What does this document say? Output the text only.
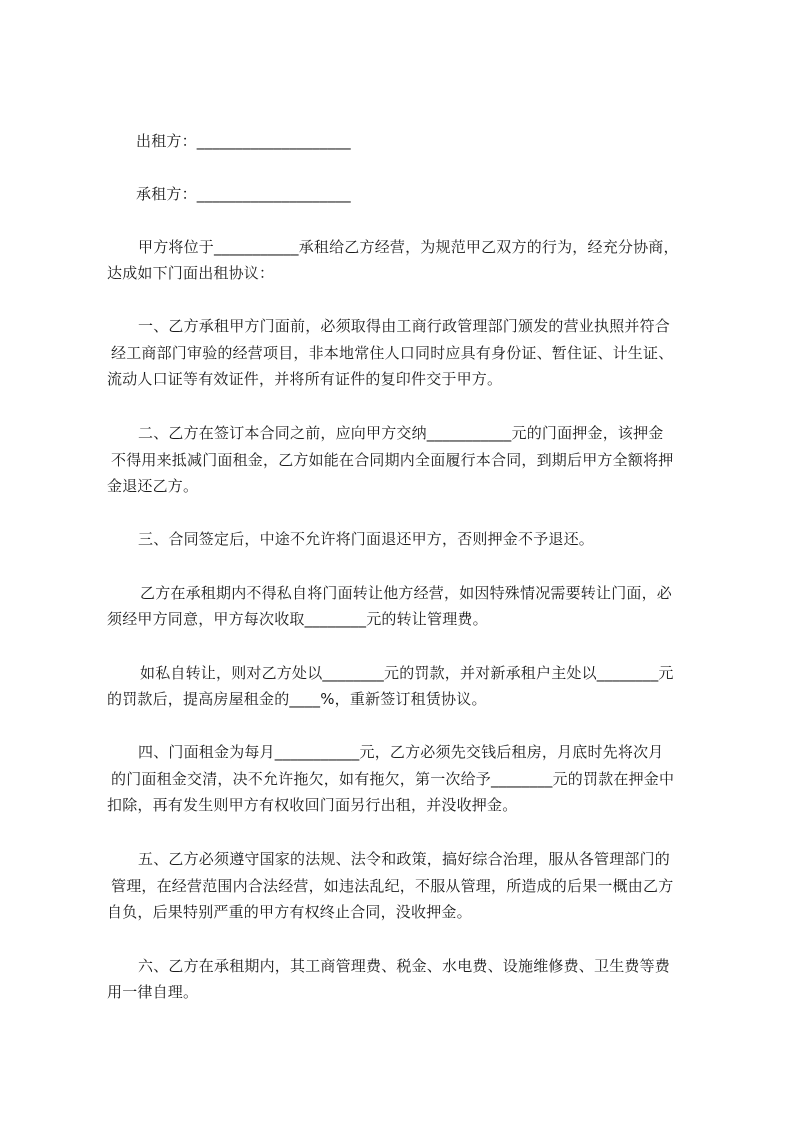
出租方：____________________
承租方：____________________
甲方将位于___________承租给乙方经营，为规范甲乙双方的行为，经充分协商，
达成如下门面出租协议：
一、乙方承租甲方门面前，必须取得由工商行政管理部门颁发的营业执照并符合
经工商部门审验的经营项目，非本地常住人口同时应具有身份证、暂住证、计生证、
流动人口证等有效证件，并将所有证件的复印件交于甲方。
二、乙方在签订本合同之前，应向甲方交纳___________元的门面押金，该押金
不得用来抵减门面租金，乙方如能在合同期内全面履行本合同，到期后甲方全额将押
金退还乙方。
三、合同签定后，中途不允许将门面退还甲方，否则押金不予退还。
乙方在承租期内不得私自将门面转让他方经营，如因特殊情况需要转让门面，必
须经甲方同意，甲方每次收取________元的转让管理费。
如私自转让，则对乙方处以________元的罚款，并对新承租户主处以________元
的罚款后，提高房屋租金的____%，重新签订租赁协议。
四、门面租金为每月___________元，乙方必须先交钱后租房，月底时先将次月
的门面租金交清，决不允许拖欠，如有拖欠，第一次给予________元的罚款在押金中
扣除，再有发生则甲方有权收回门面另行出租，并没收押金。
五、乙方必须遵守国家的法规、法令和政策，搞好综合治理，服从各管理部门的
管理，在经营范围内合法经营，如违法乱纪，不服从管理，所造成的后果一概由乙方
自负，后果特别严重的甲方有权终止合同，没收押金。
六、乙方在承租期内，其工商管理费、税金、水电费、设施维修费、卫生费等费
用一律自理。
